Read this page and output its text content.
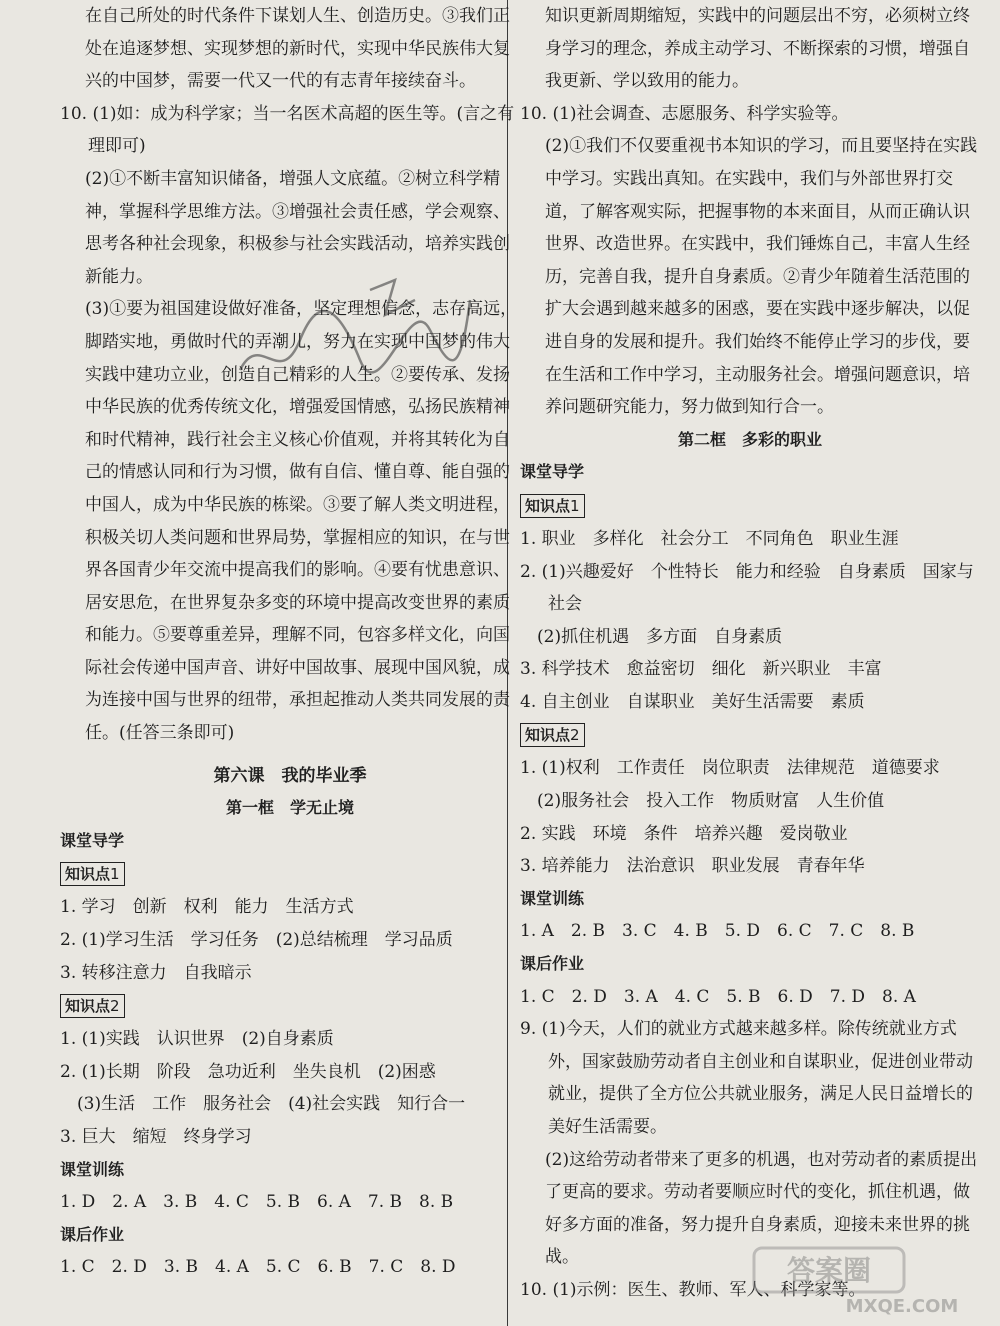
在自己所处的时代条件下谋划人生、创造历史。③我们正处在追逐梦想、实现梦想的新时代，实现中华民族伟大复兴的中国梦，需要一代又一代的有志青年接续奋斗。

10. (1)如：成为科学家；当一名医术高超的医生等。(言之有理即可)

(2)①不断丰富知识储备，增强人文底蕴。②树立科学精神，掌握科学思维方法。③增强社会责任感，学会观察、思考各种社会现象，积极参与社会实践活动，培养实践创新能力。

(3)①要为祖国建设做好准备，坚定理想信念，志存高远，脚踏实地，勇做时代的弄潮儿，努力在实现中国梦的伟大实践中建功立业，创造自己精彩的人生。②要传承、发扬中华民族的优秀传统文化，增强爱国情感，弘扬民族精神和时代精神，践行社会主义核心价值观，并将其转化为自己的情感认同和行为习惯，做有自信、懂自尊、能自强的中国人，成为中华民族的栋梁。③要了解人类文明进程，积极关切人类问题和世界局势，掌握相应的知识，在与世界各国青少年交流中提高我们的影响。④要有忧患意识、居安思危，在世界复杂多变的环境中提高改变世界的素质和能力。⑤要尊重差异，理解不同，包容多样文化，向国际社会传递中国声音、讲好中国故事、展现中国风貌，成为连接中国与世界的纽带，承担起推动人类共同发展的责任。(任答三条即可)

第六课　我的毕业季

第一框　学无止境

课堂导学

知识点1

1. 学习　创新　权利　能力　生活方式

2. (1)学习生活　学习任务　(2)总结梳理　学习品质

3. 转移注意力　自我暗示

知识点2

1. (1)实践　认识世界　(2)自身素质

2. (1)长期　阶段　急功近利　坐失良机　(2)困惑

　(3)生活　工作　服务社会　(4)社会实践　知行合一

3. 巨大　缩短　终身学习

课堂训练

1. D　2. A　3. B　4. C　5. B　6. A　7. B　8. B

课后作业

1. C　2. D　3. B　4. A　5. C　6. B　7. C　8. D

知识更新周期缩短，实践中的问题层出不穷，必须树立终身学习的理念，养成主动学习、不断探索的习惯，增强自我更新、学以致用的能力。

10. (1)社会调查、志愿服务、科学实验等。

(2)①我们不仅要重视书本知识的学习，而且要坚持在实践中学习。实践出真知。在实践中，我们与外部世界打交道，了解客观实际，把握事物的本来面目，从而正确认识世界、改造世界。在实践中，我们锤炼自己，丰富人生经历，完善自我，提升自身素质。②青少年随着生活范围的扩大会遇到越来越多的困惑，要在实践中逐步解决，以促进自身的发展和提升。我们始终不能停止学习的步伐，要在生活和工作中学习，主动服务社会。增强问题意识，培养问题研究能力，努力做到知行合一。

第二框　多彩的职业

课堂导学

知识点1

1. 职业　多样化　社会分工　不同角色　职业生涯

2. (1)兴趣爱好　个性特长　能力和经验　自身素质　国家与社会

　(2)抓住机遇　多方面　自身素质

3. 科学技术　愈益密切　细化　新兴职业　丰富

4. 自主创业　自谋职业　美好生活需要　素质

知识点2

1. (1)权利　工作责任　岗位职责　法律规范　道德要求

　(2)服务社会　投入工作　物质财富　人生价值

2. 实践　环境　条件　培养兴趣　爱岗敬业

3. 培养能力　法治意识　职业发展　青春年华

课堂训练

1. A　2. B　3. C　4. B　5. D　6. C　7. C　8. B

课后作业

1. C　2. D　3. A　4. C　5. B　6. D　7. D　8. A

9. (1)今天，人们的就业方式越来越多样。除传统就业方式外，国家鼓励劳动者自主创业和自谋职业，促进创业带动就业，提供了全方位公共就业服务，满足人民日益增长的美好生活需要。

(2)这给劳动者带来了更多的机遇，也对劳动者的素质提出了更高的要求。劳动者要顺应时代的变化，抓住机遇，做好多方面的准备，努力提升自身素质，迎接未来世界的挑战。

10. (1)示例：医生、教师、军人、科学家等。

答案圈
MXQE.COM
